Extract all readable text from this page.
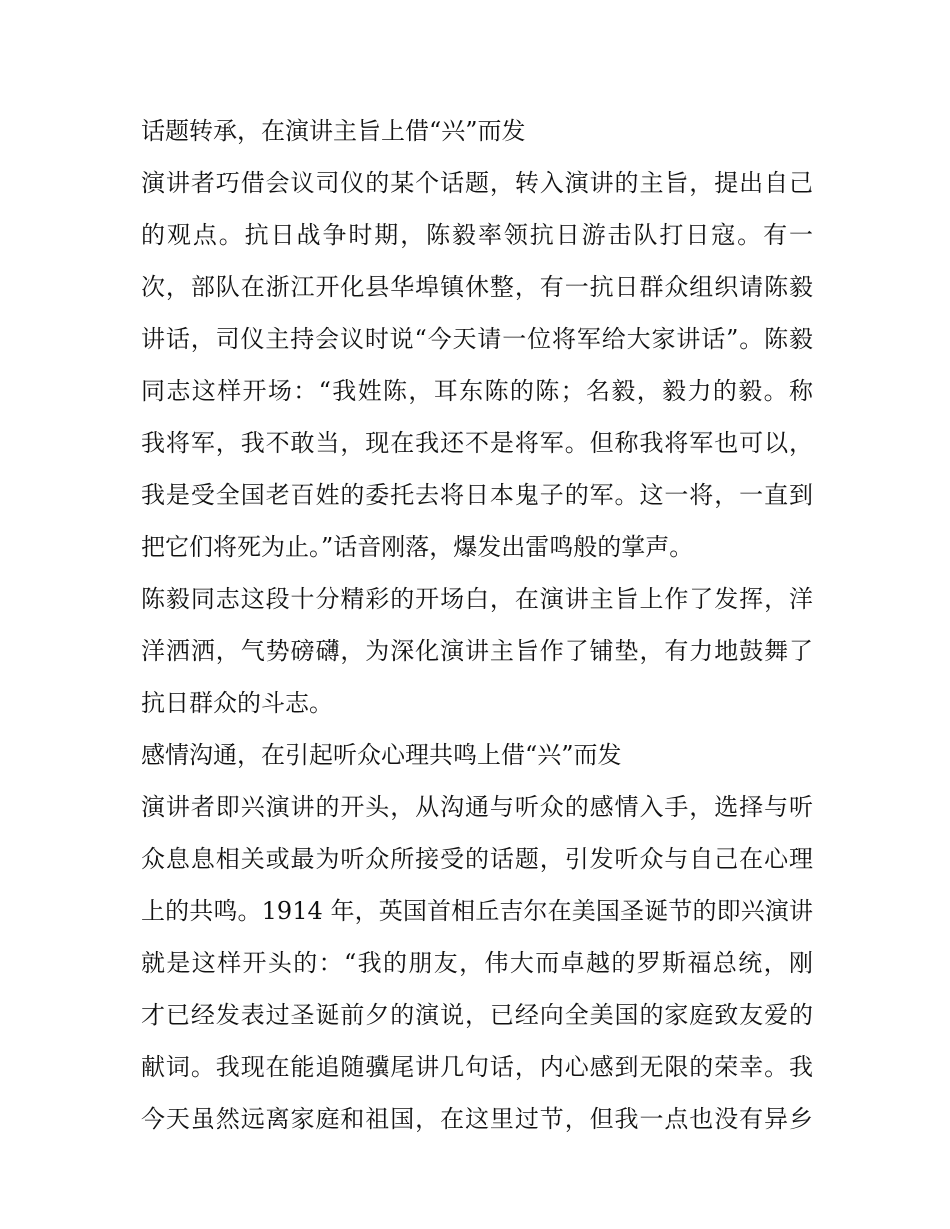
话题转承，在演讲主旨上借“兴”而发
演讲者巧借会议司仪的某个话题，转入演讲的主旨，提出自己
的观点。抗日战争时期，陈毅率领抗日游击队打日寇。有一
次，部队在浙江开化县华埠镇休整，有一抗日群众组织请陈毅
讲话，司仪主持会议时说“今天请一位将军给大家讲话”。陈毅
同志这样开场：“我姓陈，耳东陈的陈；名毅，毅力的毅。称
我将军，我不敢当，现在我还不是将军。但称我将军也可以，
我是受全国老百姓的委托去将日本鬼子的军。这一将，一直到
把它们将死为止。”话音刚落，爆发出雷鸣般的掌声。
陈毅同志这段十分精彩的开场白，在演讲主旨上作了发挥，洋
洋洒洒，气势磅礴，为深化演讲主旨作了铺垫，有力地鼓舞了
抗日群众的斗志。
感情沟通，在引起听众心理共鸣上借“兴”而发
演讲者即兴演讲的开头，从沟通与听众的感情入手，选择与听
众息息相关或最为听众所接受的话题，引发听众与自己在心理
上的共鸣。1914 年，英国首相丘吉尔在美国圣诞节的即兴演讲
就是这样开头的：“我的朋友，伟大而卓越的罗斯福总统，刚
才已经发表过圣诞前夕的演说，已经向全美国的家庭致友爱的
献词。我现在能追随骥尾讲几句话，内心感到无限的荣幸。我
今天虽然远离家庭和祖国，在这里过节，但我一点也没有异乡
